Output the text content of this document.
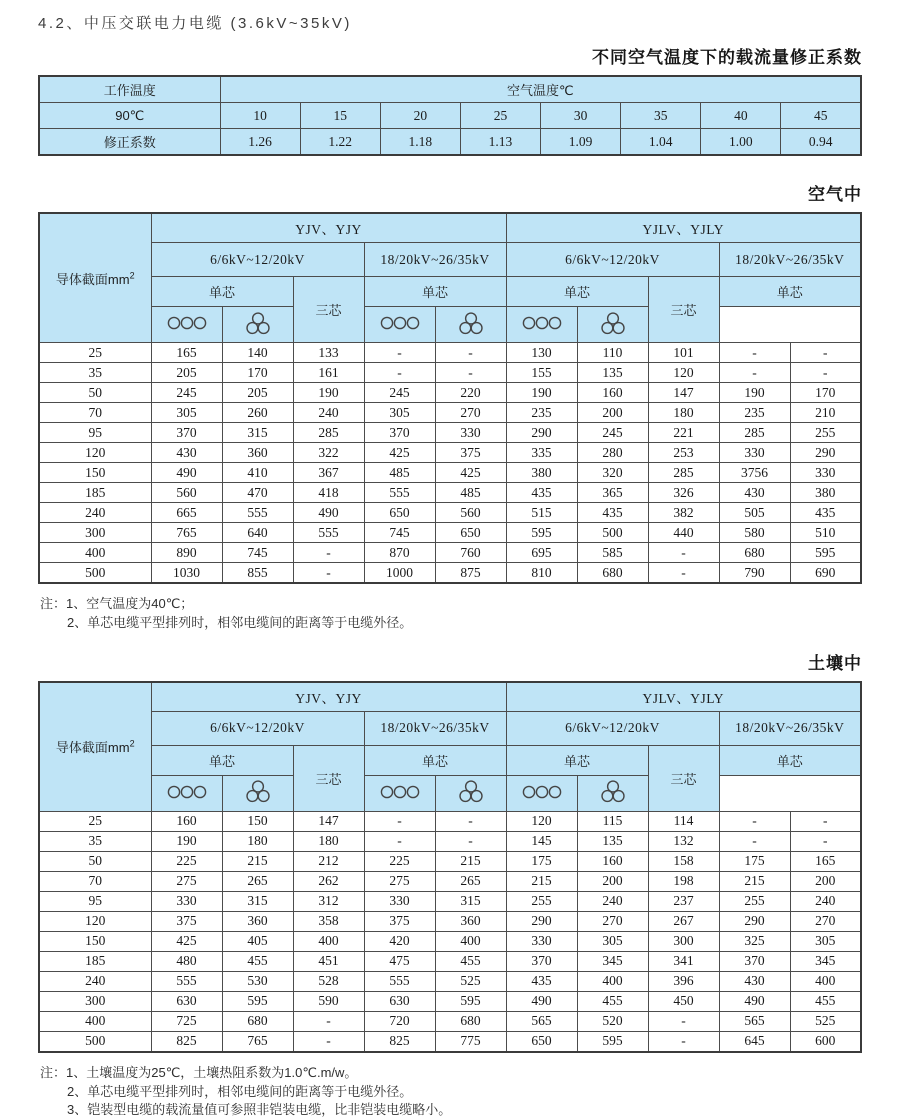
4.2、中压交联电力电缆 (3.6kV~35kV)
不同空气温度下的载流量修正系数
工作温度	空气温度℃							
90℃	10	15	20	25	30	35	40	45
修正系数	1.26	1.22	1.18	1.13	1.09	1.04	1.00	0.94
空气中
导体截面$mm^2$	YJV、YJY					YJLV、YJLY				
	6/6kV~12/20kV			18/20kV~26/35kV		6/6kV~12/20kV			18/20kV~26/35kV	
	单芯		三芯	单芯		单芯		三芯	单芯	

25	165	140	133	-	-	130	110	101	-	-
35	205	170	161	-	-	155	135	120	-	-
50	245	205	190	245	220	190	160	147	190	170
70	305	260	240	305	270	235	200	180	235	210
95	370	315	285	370	330	290	245	221	285	255
120	430	360	322	425	375	335	280	253	330	290
150	490	410	367	485	425	380	320	285	3756	330
185	560	470	418	555	485	435	365	326	430	380
240	665	555	490	650	560	515	435	382	505	435
300	765	640	555	745	650	595	500	440	580	510
400	890	745	-	870	760	695	585	-	680	595
500	1030	855	-	1000	875	810	680	-	790	690
注：1、空气温度为40℃；
2、单芯电缆平型排列时，相邻电缆间的距离等于电缆外径。
土壤中
导体截面$mm^2$	YJV、YJY					YJLV、YJLY				
	6/6kV~12/20kV			18/20kV~26/35kV		6/6kV~12/20kV			18/20kV~26/35kV	
	单芯		三芯	单芯		单芯		三芯	单芯	

25	160	150	147	-	-	120	115	114	-	-
35	190	180	180	-	-	145	135	132	-	-
50	225	215	212	225	215	175	160	158	175	165
70	275	265	262	275	265	215	200	198	215	200
95	330	315	312	330	315	255	240	237	255	240
120	375	360	358	375	360	290	270	267	290	270
150	425	405	400	420	400	330	305	300	325	305
185	480	455	451	475	455	370	345	341	370	345
240	555	530	528	555	525	435	400	396	430	400
300	630	595	590	630	595	490	455	450	490	455
400	725	680	-	720	680	565	520	-	565	525
500	825	765	-	825	775	650	595	-	645	600
注：1、土壤温度为25℃，土壤热阻系数为1.0℃.m/w。
2、单芯电缆平型排列时，相邻电缆间的距离等于电缆外径。
3、铠装型电缆的载流量值可参照非铠装电缆，比非铠装电缆略小。
